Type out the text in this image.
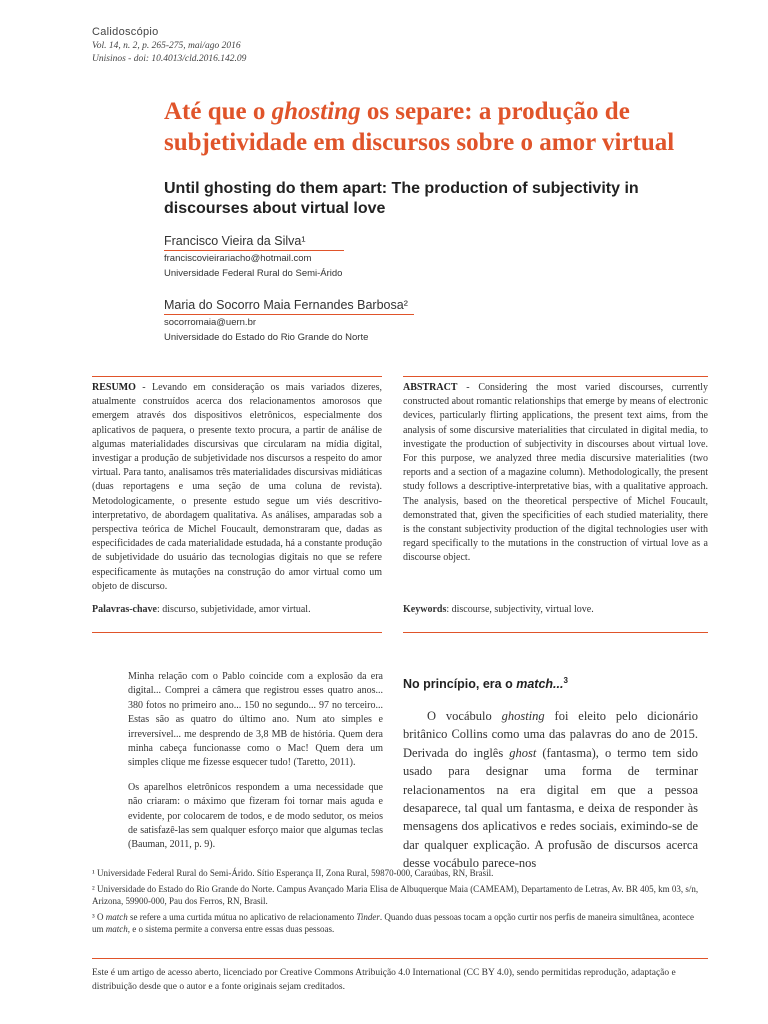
Calidoscópio
Vol. 14, n. 2, p. 265-275, mai/ago 2016
Unisinos - doi: 10.4013/cld.2016.142.09
Até que o ghosting os separe: a produção de subjetividade em discursos sobre o amor virtual
Until ghosting do them apart: The production of subjectivity in discourses about virtual love
Francisco Vieira da Silva¹
franciscovieirariacho@hotmail.com
Universidade Federal Rural do Semi-Árido
Maria do Socorro Maia Fernandes Barbosa²
socorromaia@uern.br
Universidade do Estado do Rio Grande do Norte

RESUMO - Levando em consideração os mais variados dizeres, atualmente construídos acerca dos relacionamentos amorosos que emergem através dos dispositivos eletrônicos, especialmente dos aplicativos de paquera, o presente texto procura, a partir de análise de algumas materialidades discursivas que circularam na mídia digital, investigar a produção de subjetividade nos discursos a respeito do amor virtual. Para tanto, analisamos três materialidades discursivas midiáticas (duas reportagens e uma seção de uma coluna de revista). Metodologicamente, o presente estudo segue um viés descritivo-interpretativo, de abordagem qualitativa. As análises, amparadas sob a perspectiva teórica de Michel Foucault, demonstraram que, dadas as especificidades de cada materialidade estudada, há a constante produção de subjetividade do usuário das tecnologias digitais no que se refere especificamente às mutações na construção do amor virtual como um objeto de discurso.

Palavras-chave: discurso, subjetividade, amor virtual.

ABSTRACT - Considering the most varied discourses, currently constructed about romantic relationships that emerge by means of electronic devices, particularly flirting applications, the present text aims, from the analysis of some discursive materialities that circulated in digital media, to investigate the production of subjectivity in discourses about virtual love. For this purpose, we analyzed three media discursive materialities (two reports and a section of a magazine column). Methodologically, the present study follows a descriptive-interpretative bias, with a qualitative approach. The analysis, based on the theoretical perspective of Michel Foucault, demonstrated that, given the specificities of each studied materiality, there is the constant subjectivity production of the digital technologies user with regard specifically to the mutations in the construction of virtual love as a discourse object.

Keywords: discourse, subjectivity, virtual love.

Minha relação com o Pablo coincide com a explosão da era digital... Comprei a câmera que registrou esses quatro anos... 380 fotos no primeiro ano... 150 no segundo... 97 no terceiro... Estas são as quatro do último ano. Num ato simples e irreversível... me desprendo de 3,8 MB de história. Quem dera minha cabeça funcionasse como o Mac! Quem dera um simples clique me fizesse esquecer tudo! (Taretto, 2011).

Os aparelhos eletrônicos respondem a uma necessidade que não criaram: o máximo que fizeram foi tornar mais aguda e evidente, por colocarem de todos, e de modo sedutor, os meios de satisfazê-las sem qualquer esforço maior que algumas teclas (Bauman, 2011, p. 9).

No princípio, era o match...$^3$

O vocábulo ghosting foi eleito pelo dicionário britânico Collins como uma das palavras do ano de 2015. Derivada do inglês ghost (fantasma), o termo tem sido usado para designar uma forma de terminar relacionamentos na era digital em que a pessoa desaparece, tal qual um fantasma, e deixa de responder às mensagens dos aplicativos e redes sociais, eximindo-se de dar qualquer explicação. A profusão de discursos acerca desse vocábulo parece-nos

¹ Universidade Federal Rural do Semi-Árido. Sítio Esperança II, Zona Rural, 59870-000, Caraúbas, RN, Brasil.
² Universidade do Estado do Rio Grande do Norte. Campus Avançado Maria Elisa de Albuquerque Maia (CAMEAM), Departamento de Letras, Av. BR 405, km 03, s/n, Arizona, 59900-000, Pau dos Ferros, RN, Brasil.
³ O match se refere a uma curtida mútua no aplicativo de relacionamento Tinder. Quando duas pessoas tocam a opção curtir nos perfis de maneira simultânea, acontece um match, e o sistema permite a conversa entre essas duas pessoas.
Este é um artigo de acesso aberto, licenciado por Creative Commons Atribuição 4.0 International (CC BY 4.0), sendo permitidas reprodução, adaptação e distribuição desde que o autor e a fonte originais sejam creditados.
